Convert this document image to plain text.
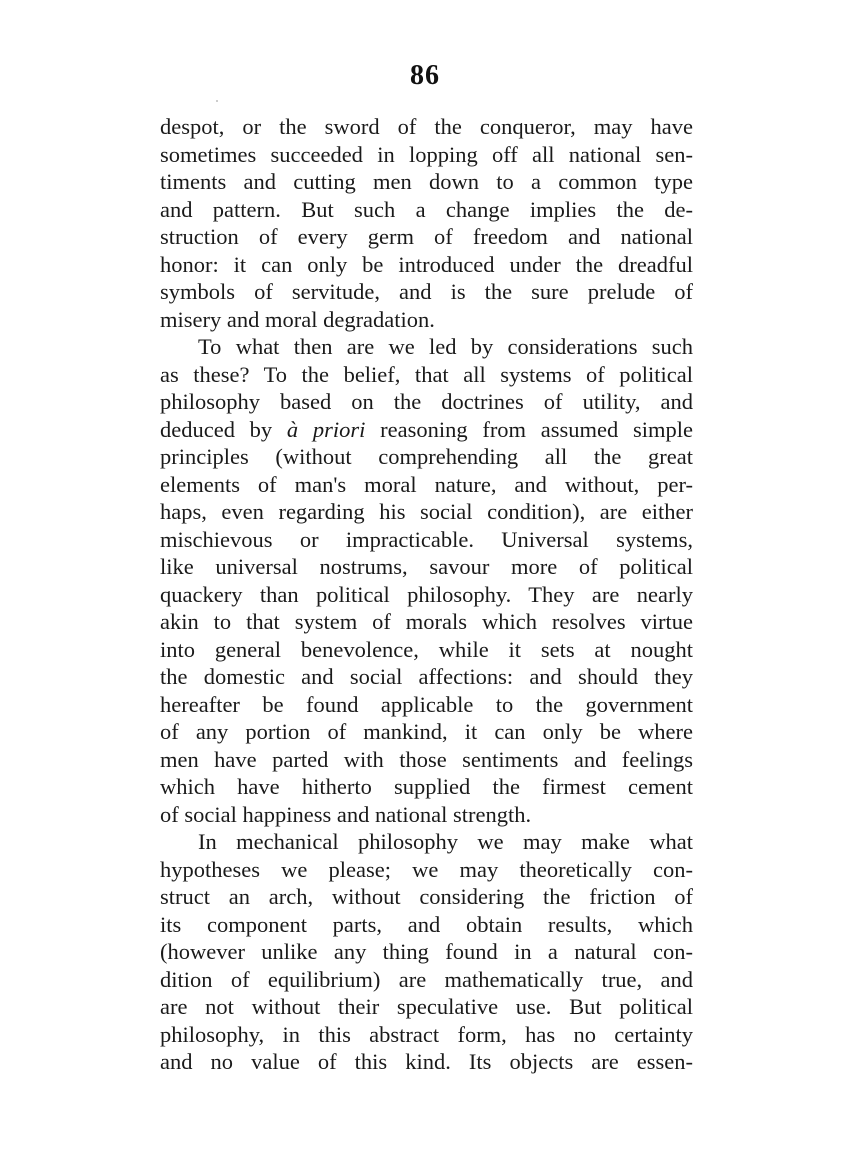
86
despot, or the sword of the conqueror, may have
sometimes succeeded in lopping off all national sen-
timents and cutting men down to a common type
and pattern. But such a change implies the de-
struction of every germ of freedom and national
honor: it can only be introduced under the dreadful
symbols of servitude, and is the sure prelude of
misery and moral degradation.
To what then are we led by considerations such
as these? To the belief, that all systems of political
philosophy based on the doctrines of utility, and
deduced by à priori reasoning from assumed simple
principles (without comprehending all the great
elements of man's moral nature, and without, per-
haps, even regarding his social condition), are either
mischievous or impracticable. Universal systems,
like universal nostrums, savour more of political
quackery than political philosophy. They are nearly
akin to that system of morals which resolves virtue
into general benevolence, while it sets at nought
the domestic and social affections: and should they
hereafter be found applicable to the government
of any portion of mankind, it can only be where
men have parted with those sentiments and feelings
which have hitherto supplied the firmest cement
of social happiness and national strength.
In mechanical philosophy we may make what
hypotheses we please; we may theoretically con-
struct an arch, without considering the friction of
its component parts, and obtain results, which
(however unlike any thing found in a natural con-
dition of equilibrium) are mathematically true, and
are not without their speculative use. But political
philosophy, in this abstract form, has no certainty
and no value of this kind. Its objects are essen-
